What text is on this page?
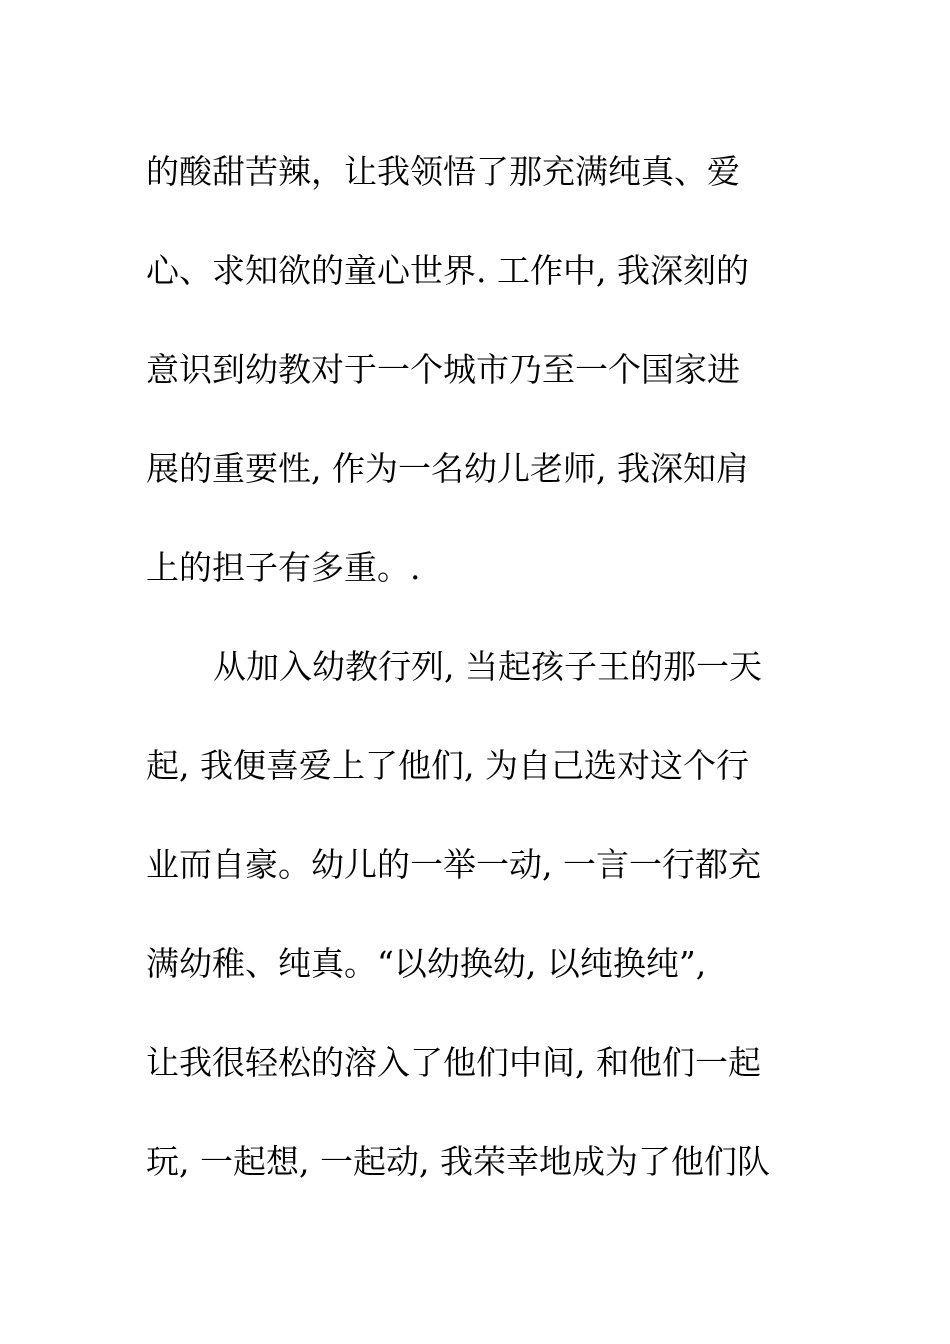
的酸甜苦辣，让我领悟了那充满纯真、爱
心、求知欲的童心世界. 工作中, 我深刻的
意识到幼教对于一个城市乃至一个国家进
展的重要性, 作为一名幼儿老师, 我深知肩
上的担子有多重。.
从加入幼教行列, 当起孩子王的那一天
起, 我便喜爱上了他们, 为自己选对这个行
业而自豪。幼儿的一举一动, 一言一行都充
满幼稚、纯真。“以幼换幼, 以纯换纯”,
让我很轻松的溶入了他们中间, 和他们一起
玩, 一起想, 一起动, 我荣幸地成为了他们队
